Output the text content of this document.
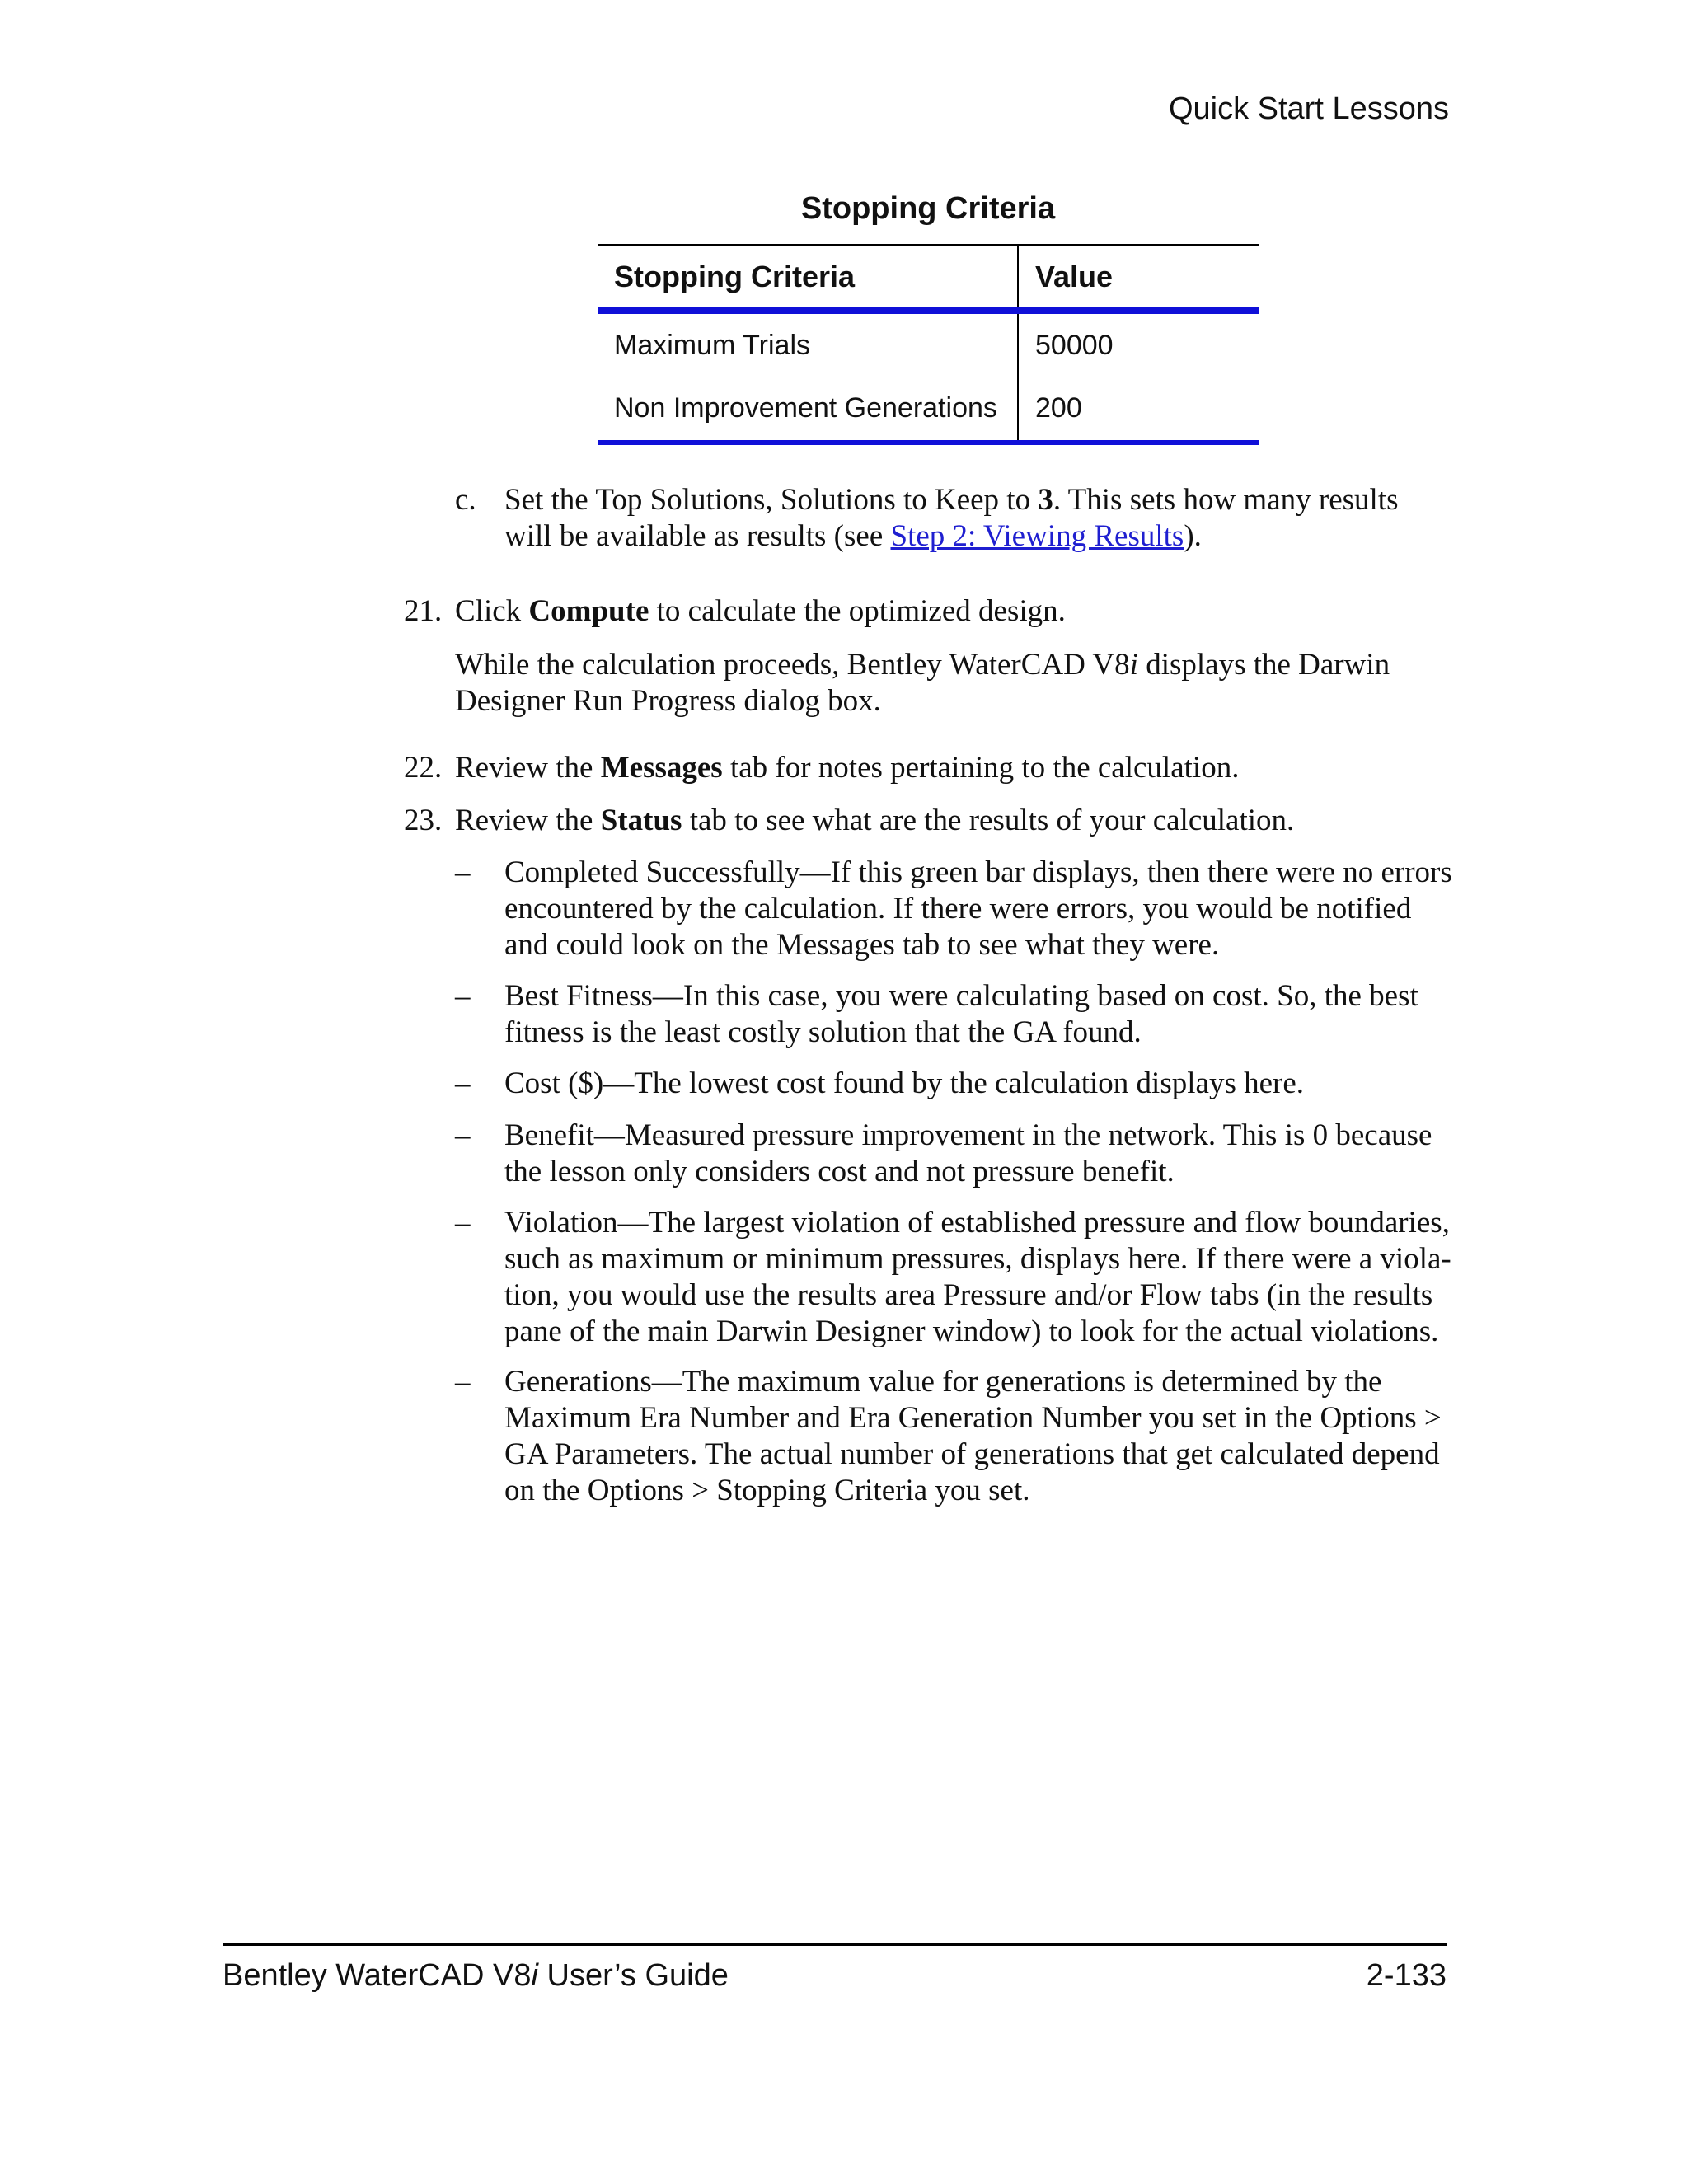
Quick Start Lessons
Stopping Criteria
Stopping Criteria	Value
Maximum Trials	50000
Non Improvement Generations	200
c. Set the Top Solutions, Solutions to Keep to 3. This sets how many results will be available as results (see Step 2: Viewing Results).
21. Click Compute to calculate the optimized design.
While the calculation proceeds, Bentley WaterCAD V8i displays the Darwin Designer Run Progress dialog box.
22. Review the Messages tab for notes pertaining to the calculation.
23. Review the Status tab to see what are the results of your calculation.
– Completed Successfully—If this green bar displays, then there were no errors encountered by the calculation. If there were errors, you would be notified and could look on the Messages tab to see what they were.
– Best Fitness—In this case, you were calculating based on cost. So, the best fitness is the least costly solution that the GA found.
– Cost ($)—The lowest cost found by the calculation displays here.
– Benefit—Measured pressure improvement in the network. This is 0 because the lesson only considers cost and not pressure benefit.
– Violation—The largest violation of established pressure and flow boundaries, such as maximum or minimum pressures, displays here. If there were a viola-tion, you would use the results area Pressure and/or Flow tabs (in the results pane of the main Darwin Designer window) to look for the actual violations.
– Generations—The maximum value for generations is determined by the Maximum Era Number and Era Generation Number you set in the Options > GA Parameters. The actual number of generations that get calculated depend on the Options > Stopping Criteria you set.
Bentley WaterCAD V8i User’s Guide	2-133
